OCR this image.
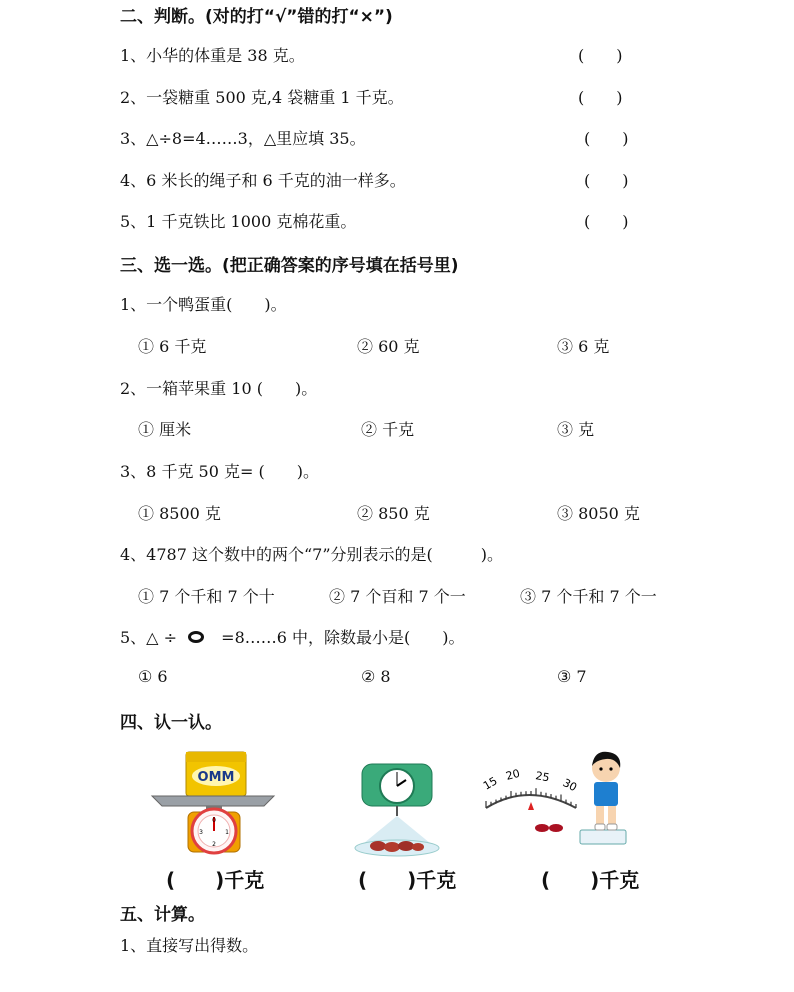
二、判断。(对的打“√”错的打“×”)
1、小华的体重是 38 克。	(　　)
2、一袋糖重 500 克,4 袋糖重 1 千克。	(　　)
3、△÷8=4……3，△里应填 35。	(　　)
4、6 米长的绳子和 6 千克的油一样多。	(　　)
5、1 千克铁比 1000 克棉花重。	(　　)
三、选一选。(把正确答案的序号填在括号里)
1、一个鸭蛋重(　　)。
① 6 千克	② 60 克	③ 6 克
2、一箱苹果重 10 (　　)。
① 厘米	② 千克	③ 克
3、8 千克 50 克= (　　)。
① 8500 克	② 850 克	③ 8050 克
4、4787 这个数中的两个“7”分别表示的是(　　　)。
① 7 个千和 7 个十	② 7 个百和 7 个一	③ 7 个千和 7 个一
5、△ ÷	=8……6 中，除数最小是(　　)。
① 6	② 8	③ 7
四、认一认。
OMM
0
1
2
3
15 20 25 30
(　　)千克	(　　)千克	(　　)千克
五、计算。
1、直接写出得数。
